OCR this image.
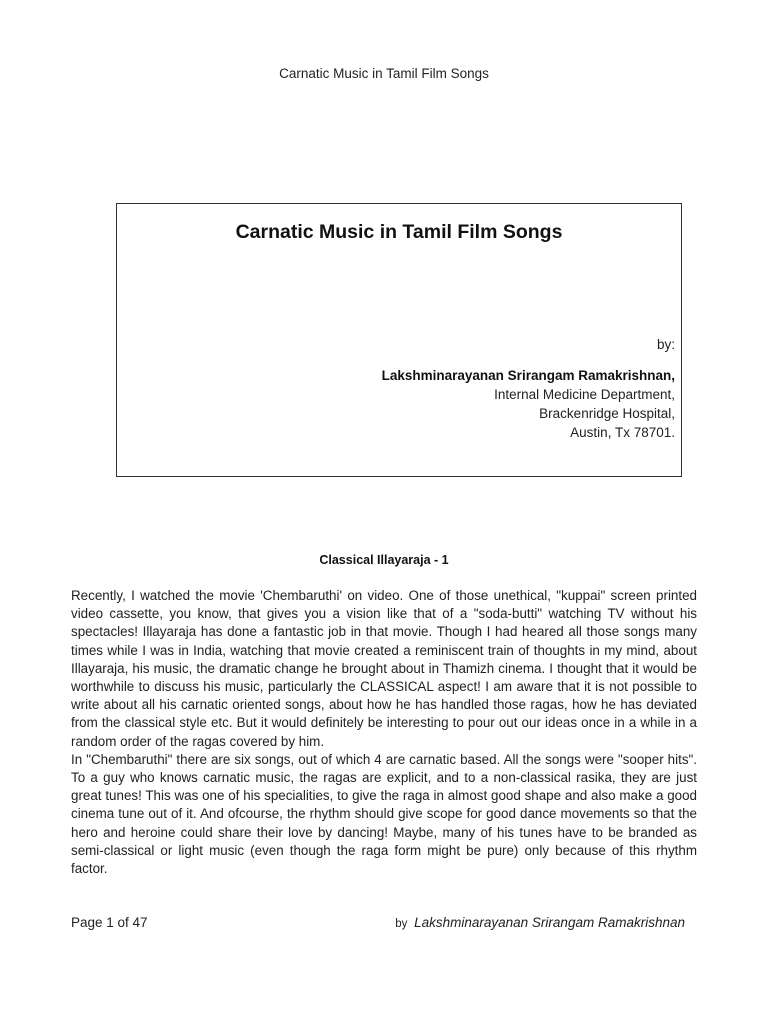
Carnatic Music in Tamil Film Songs
Carnatic Music in Tamil Film Songs
by:
Lakshminarayanan Srirangam Ramakrishnan,
Internal Medicine Department,
Brackenridge Hospital,
Austin, Tx 78701.
Classical Illayaraja - 1

Recently, I watched the movie 'Chembaruthi' on video. One of those unethical, "kuppai" screen printed video cassette, you know, that gives you a vision like that of a "soda-butti" watching TV without his spectacles! Illayaraja has done a fantastic job in that movie. Though I had heared all those songs many times while I was in India, watching that movie created a reminiscent train of thoughts in my mind, about Illayaraja, his music, the dramatic change he brought about in Thamizh cinema. I thought that it would be worthwhile to discuss his music, particularly the CLASSICAL aspect! I am aware that it is not possible to write about all his carnatic oriented songs, about how he has handled those ragas, how he has deviated from the classical style etc. But it would definitely be interesting to pour out our ideas once in a while in a random order of the ragas covered by him.

In "Chembaruthi" there are six songs, out of which 4 are carnatic based. All the songs were "sooper hits". To a guy who knows carnatic music, the ragas are explicit, and to a non-classical rasika, they are just great tunes! This was one of his specialities, to give the raga in almost good shape and also make a good cinema tune out of it. And ofcourse, the rhythm should give scope for good dance movements so that the hero and heroine could share their love by dancing! Maybe, many of his tunes have to be branded as semi-classical or light music (even though the raga form might be pure) only because of this rhythm factor.

Page 1 of 47	by Lakshminarayanan Srirangam Ramakrishnan
